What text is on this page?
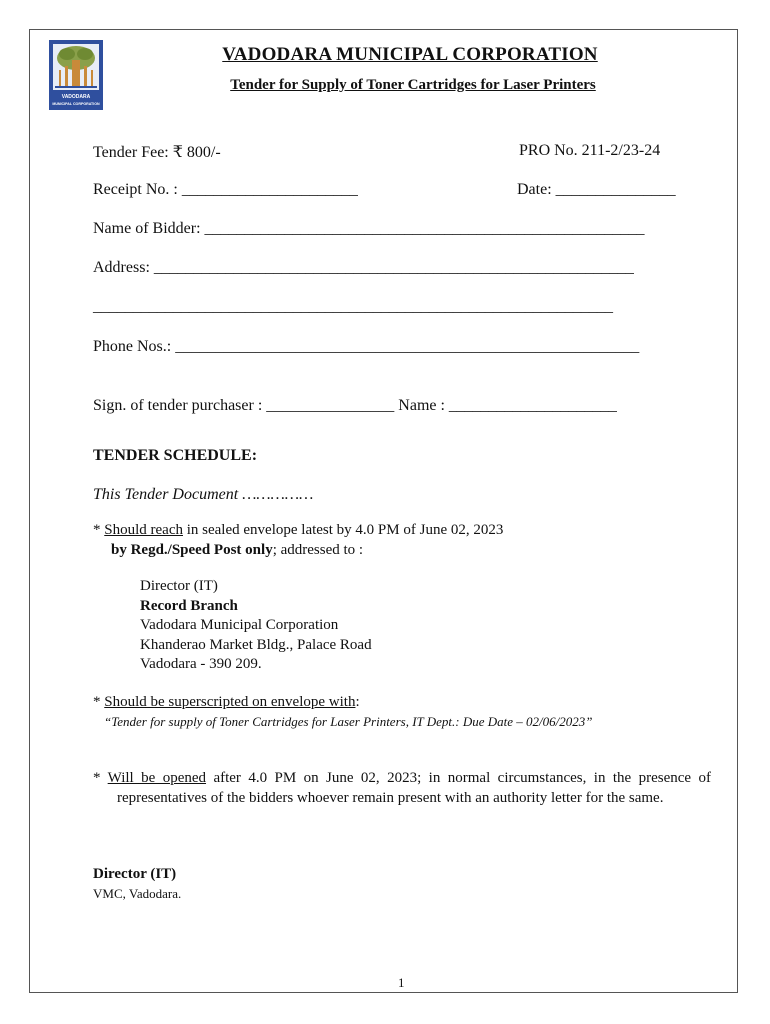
VADODARA
MUNICIPAL CORPORATION
VADODARA MUNICIPAL CORPORATION
Tender for Supply of Toner Cartridges for Laser Printers
Tender Fee: ₹ 800/-	PRO No. 211-2/23-24
Receipt No. : ______________________	Date: _______________
Name of Bidder: _______________________________________________________
Address: ____________________________________________________________
_________________________________________________________________
Phone Nos.: __________________________________________________________
Sign. of tender purchaser : ________________ Name : _____________________
TENDER SCHEDULE:
This Tender Document ……………
* Should reach in sealed envelope latest by 4.0 PM of June 02, 2023
by Regd./Speed Post only; addressed to :
Director (IT)
Record Branch
Vadodara Municipal Corporation
Khanderao Market Bldg., Palace Road
Vadodara - 390 209.
* Should be superscripted on envelope with:
“Tender for supply of Toner Cartridges for Laser Printers, IT Dept.: Due Date – 02/06/2023”
* Will be opened after 4.0 PM on June 02, 2023; in normal circumstances, in the presence of representatives of the bidders whoever remain present with an authority letter for the same.
Director (IT)
VMC, Vadodara.
1
